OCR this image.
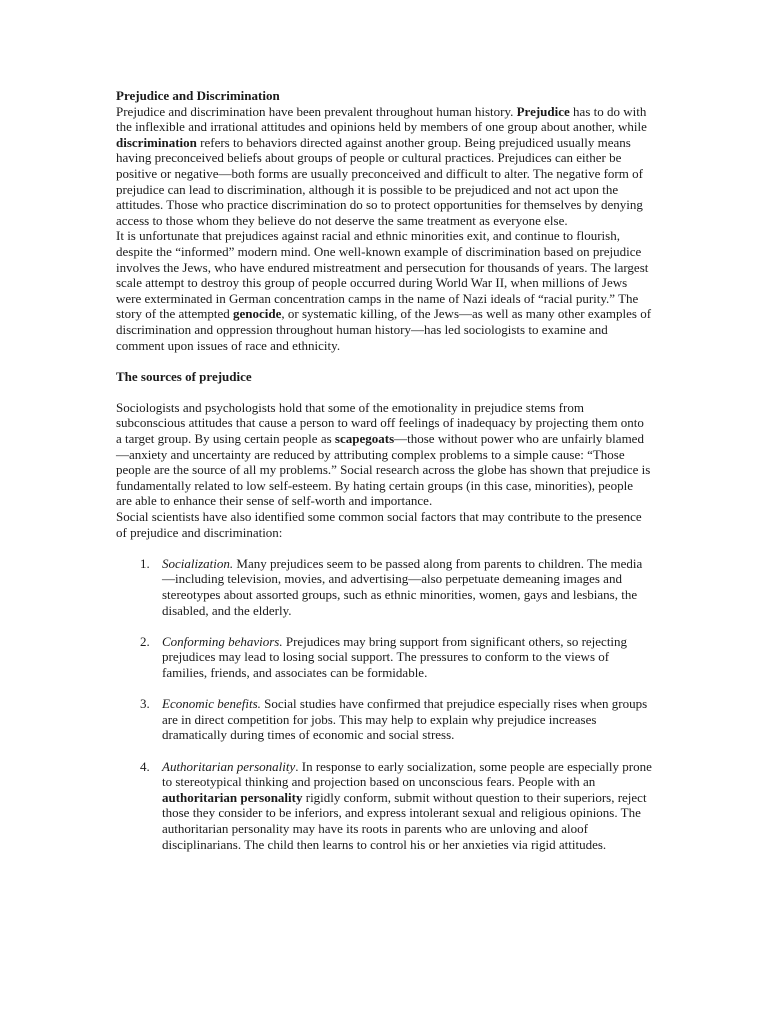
Prejudice and Discrimination

Prejudice and discrimination have been prevalent throughout human history. Prejudice has to do with the inflexible and irrational attitudes and opinions held by members of one group about another, while discrimination refers to behaviors directed against another group. Being prejudiced usually means having preconceived beliefs about groups of people or cultural practices. Prejudices can either be positive or negative—both forms are usually preconceived and difficult to alter. The negative form of prejudice can lead to discrimination, although it is possible to be prejudiced and not act upon the attitudes. Those who practice discrimination do so to protect opportunities for themselves by denying access to those whom they believe do not deserve the same treatment as everyone else.

It is unfortunate that prejudices against racial and ethnic minorities exit, and continue to flourish, despite the “informed” modern mind. One well-known example of discrimination based on prejudice involves the Jews, who have endured mistreatment and persecution for thousands of years. The largest scale attempt to destroy this group of people occurred during World War II, when millions of Jews were exterminated in German concentration camps in the name of Nazi ideals of “racial purity.” The story of the attempted genocide, or systematic killing, of the Jews—as well as many other examples of discrimination and oppression throughout human history—has led sociologists to examine and comment upon issues of race and ethnicity.

The sources of prejudice

Sociologists and psychologists hold that some of the emotionality in prejudice stems from subconscious attitudes that cause a person to ward off feelings of inadequacy by projecting them onto a target group. By using certain people as scapegoats—those without power who are unfairly blamed—anxiety and uncertainty are reduced by attributing complex problems to a simple cause: “Those people are the source of all my problems.” Social research across the globe has shown that prejudice is fundamentally related to low self-esteem. By hating certain groups (in this case, minorities), people are able to enhance their sense of self-worth and importance.

Social scientists have also identified some common social factors that may contribute to the presence of prejudice and discrimination:

1. Socialization. Many prejudices seem to be passed along from parents to children. The media—including television, movies, and advertising—also perpetuate demeaning images and stereotypes about assorted groups, such as ethnic minorities, women, gays and lesbians, the disabled, and the elderly.
2. Conforming behaviors. Prejudices may bring support from significant others, so rejecting prejudices may lead to losing social support. The pressures to conform to the views of families, friends, and associates can be formidable.
3. Economic benefits. Social studies have confirmed that prejudice especially rises when groups are in direct competition for jobs. This may help to explain why prejudice increases dramatically during times of economic and social stress.
4. Authoritarian personality. In response to early socialization, some people are especially prone to stereotypical thinking and projection based on unconscious fears. People with an authoritarian personality rigidly conform, submit without question to their superiors, reject those they consider to be inferiors, and express intolerant sexual and religious opinions. The authoritarian personality may have its roots in parents who are unloving and aloof disciplinarians. The child then learns to control his or her anxieties via rigid attitudes.
